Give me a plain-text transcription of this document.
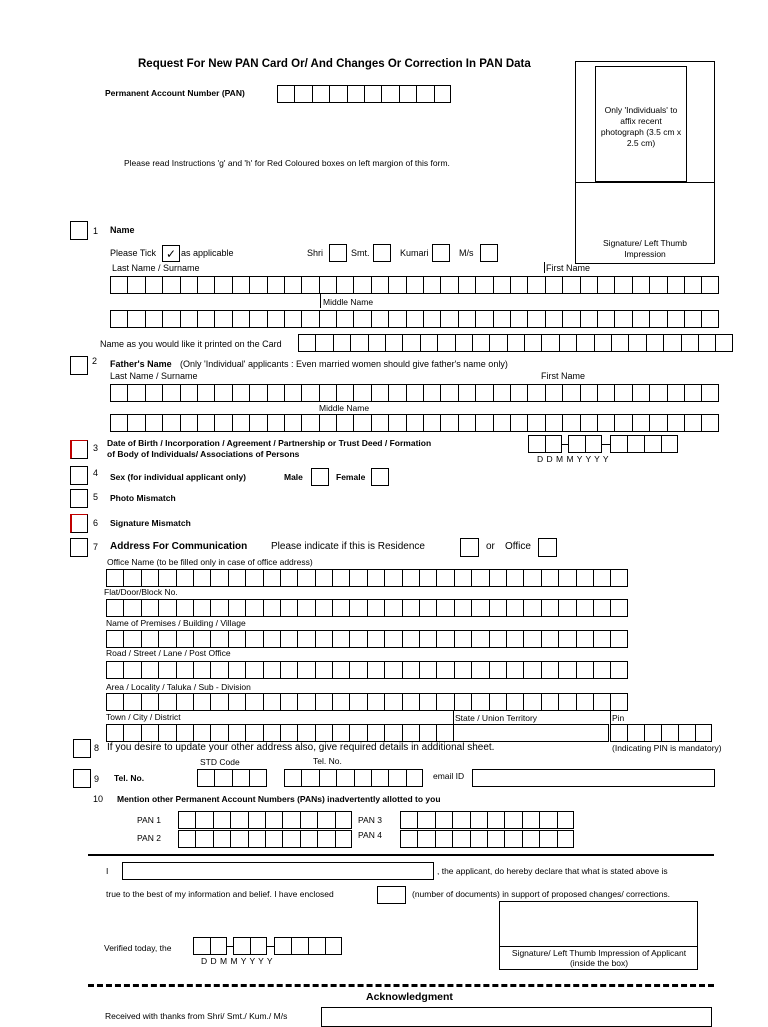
Request For New PAN Card Or/ And Changes Or Correction In PAN Data
Permanent Account Number (PAN)
Please read Instructions 'g' and 'h' for Red Coloured boxes on left margion of this form.
Only 'Individuals' to affix recent photograph (3.5 cm x 2.5 cm)
Signature/ Left Thumb Impression
1 Name
Please Tick ✓ as applicable	Shri	Smt.	Kumari	M/s
Last Name / Surname	First Name
Middle Name
Name as you would like it printed on the Card
2 Father's Name (Only 'Individual' applicants : Even married women should give father's name only)
Last Name / Surname	First Name
Middle Name
3 Date of Birth / Incorporation / Agreement / Partnership or Trust Deed / Formation
of Body of Individuals/ Associations of Persons	D D M M Y Y Y Y
4 Sex (for individual applicant only)	Male	Female
5 Photo Mismatch
6 Signature Mismatch
7 Address For Communication Please indicate if this is Residence	or Office
Office Name (to be filled only in case of office address)
Flat/Door/Block No.
Name of Premises / Building / Village
Road / Street / Lane / Post Office
Area / Locality / Taluka / Sub - Division
Town / City / District	State / Union Territory	Pin
8 If you desire to update your other address also, give required details in additional sheet.	(Indicating PIN is mandatory)
STD Code	Tel. No.
9 Tel. No.	email ID
10 Mention other Permanent Account Numbers (PANs) inadvertently allotted to you
PAN 1
PAN 2
PAN 3
PAN 4
I	, the applicant, do hereby declare that what is stated above is
true to the best of my information and belief. I have enclosed	(number of documents) in support of proposed changes/ corrections.
Signature/ Left Thumb Impression of Applicant (inside the box)
Verified today, the
D D M M Y Y Y Y
Acknowledgment
Received with thanks from Shri/ Smt./ Kum./ M/s
